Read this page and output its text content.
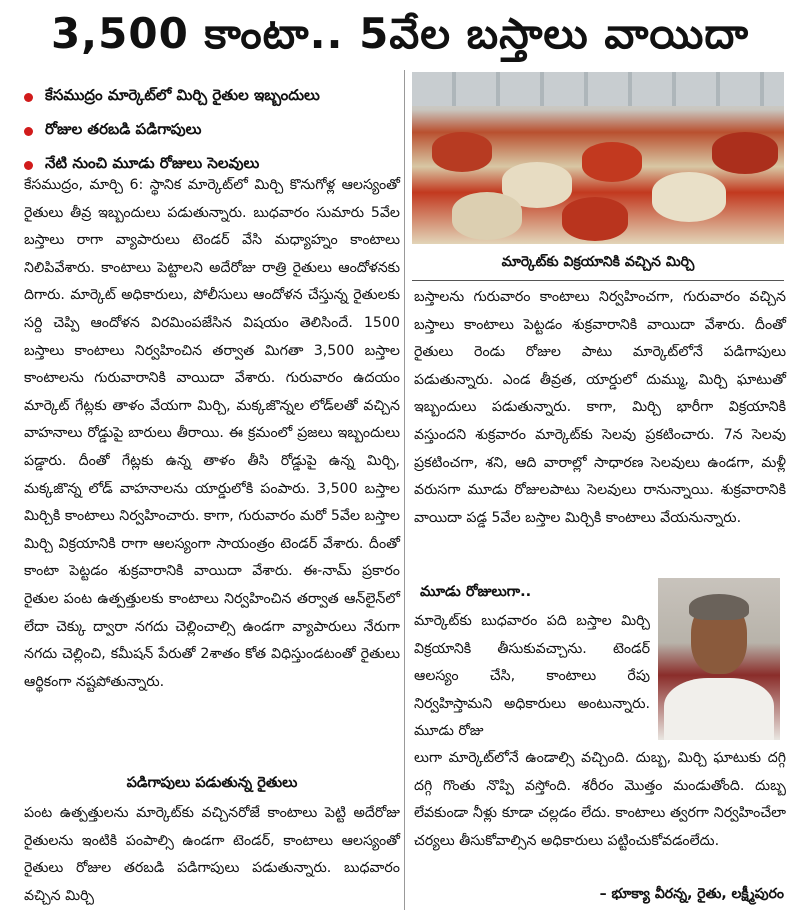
3,500 కాంటా.. 5వేల బస్తాలు వాయిదా
కేసముద్రం మార్కెట్‌లో మిర్చి రైతుల ఇబ్బందులు
రోజుల తరబడి పడిగాపులు
నేటి నుంచి మూడు రోజులు సెలవులు
మార్కెట్‌కు విక్రయానికి వచ్చిన మిర్చి

కేసముద్రం, మార్చి 6: స్థానిక మార్కెట్‌లో మిర్చి కొనుగోళ్ల ఆలస్యంతో రైతులు తీవ్ర ఇబ్బందులు పడుతున్నారు. బుధవారం సుమారు 5వేల బస్తాలు రాగా వ్యాపారులు టెండర్‌ వేసి మధ్యాహ్నం కాంటాలు నిలిపివేశారు. కాంటాలు పెట్టాలని అదేరోజు రాత్రి రైతులు ఆందోళనకు దిగారు. మార్కెట్‌ అధికారులు, పోలీసులు ఆందోళన చేస్తున్న రైతులకు సర్ది చెప్పి ఆందోళన విరమింపజేసిన విషయం తెలిసిందే. 1500 బస్తాలు కాంటాలు నిర్వహించిన తర్వాత మిగతా 3,500 బస్తాల కాంటాలను గురువారానికి వాయిదా వేశారు. గురువారం ఉదయం మార్కెట్‌ గేట్లకు తాళం వేయగా మిర్చి, మక్కజొన్నల లోడ్‌లతో వచ్చిన వాహనాలు రోడ్డుపై బారులు తీరాయి. ఈ క్రమంలో ప్రజలు ఇబ్బందులు పడ్డారు. దీంతో గేట్లకు ఉన్న తాళం తీసి రోడ్డుపై ఉన్న మిర్చి, మక్కజొన్న లోడ్‌ వాహనాలను యార్డులోకి పంపారు. 3,500 బస్తాల మిర్చికి కాంటాలు నిర్వహించారు. కాగా, గురువారం మరో 5వేల బస్తాల మిర్చి విక్రయానికి రాగా ఆలస్యంగా సాయంత్రం టెండర్‌ వేశారు. దీంతో కాంటా పెట్టడం శుక్రవారానికి వాయిదా వేశారు. ఈ-నామ్‌ ప్రకారం రైతుల పంట ఉత్పత్తులకు కాంటాలు నిర్వహించిన తర్వాత ఆన్‌లైన్‌లో లేదా చెక్కు ద్వారా నగదు చెల్లించాల్సి ఉండగా వ్యాపారులు నేరుగా నగదు చెల్లించి, కమీషన్‌ పేరుతో 2శాతం కోత విధిస్తుండటంతో రైతులు ఆర్థికంగా నష్టపోతున్నారు.

పడిగాపులు పడుతున్న రైతులు

పంట ఉత్పత్తులను మార్కెట్‌కు వచ్చినరోజే కాంటాలు పెట్టి అదేరోజు రైతులను ఇంటికి పంపాల్సి ఉండగా టెండర్‌, కాంటాలు ఆలస్యంతో రైతులు రోజుల తరబడి పడిగాపులు పడుతున్నారు. బుధవారం వచ్చిన మిర్చి

బస్తాలను గురువారం కాంటాలు నిర్వహించగా, గురువారం వచ్చిన బస్తాలు కాంటాలు పెట్టడం శుక్రవారానికి వాయిదా వేశారు. దీంతో రైతులు రెండు రోజుల పాటు మార్కెట్‌లోనే పడిగాపులు పడుతున్నారు. ఎండ తీవ్రత, యార్డులో దుమ్ము, మిర్చి ఘాటుతో ఇబ్బందులు పడుతున్నారు. కాగా, మిర్చి భారీగా విక్రయానికి వస్తుందని శుక్రవారం మార్కెట్‌కు సెలవు ప్రకటించారు. 7న సెలవు ప్రకటించగా, శని, ఆది వారాల్లో సాధారణ సెలవులు ఉండగా, మళ్లీ వరుసగా మూడు రోజులపాటు సెలవులు రానున్నాయి. శుక్రవారానికి వాయిదా పడ్డ 5వేల బస్తాల మిర్చికి కాంటాలు వేయనున్నారు.

మూడు రోజులుగా..

మార్కెట్‌కు బుధవారం పది బస్తాల మిర్చి విక్రయానికి తీసుకువచ్చాను. టెండర్‌ ఆలస్యం చేసి, కాంటాలు రేపు నిర్వహిస్తామని అధికారులు అంటున్నారు. మూడు రోజు

లుగా మార్కెట్‌లోనే ఉండాల్సి వచ్చింది. దుబ్బ, మిర్చి ఘాటుకు దగ్గి దగ్గి గొంతు నొప్పి వస్తోంది. శరీరం మొత్తం మండుతోంది. దుబ్బ లేవకుండా నీళ్లు కూడా చల్లడం లేదు. కాంటాలు త్వరగా నిర్వహించేలా చర్యలు తీసుకోవాల్సిన అధికారులు పట్టించుకోవడంలేదు.

– భూక్యా వీరన్న, రైతు, లక్ష్మీపురం
